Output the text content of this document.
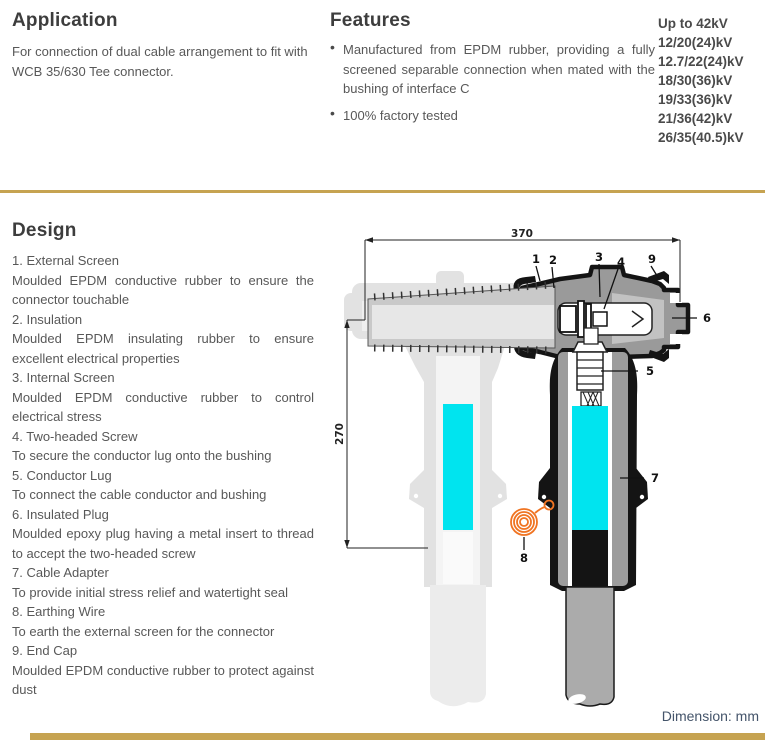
Application
For connection of dual cable arrangement to fit with WCB 35/630 Tee connector.
Features
• Manufactured from EPDM rubber, providing a fully screened separable connection when mated with the bushing of interface C
• 100% factory tested
Up to 42kV
12/20(24)kV
12.7/22(24)kV
18/30(36)kV
19/33(36)kV
21/36(42)kV
26/35(40.5)kV
Design
1. External Screen
Moulded EPDM conductive rubber to ensure the connector touchable
2. Insulation
Moulded EPDM insulating rubber to ensure excellent electrical properties
3. Internal Screen
Moulded EPDM conductive rubber to control electrical stress
4. Two-headed Screw
To secure the conductor lug onto the bushing
5. Conductor Lug
To connect the cable conductor and bushing
6. Insulated Plug
Moulded epoxy plug having a metal insert to thread to accept the two-headed screw
7. Cable Adapter
To provide initial stress relief and watertight seal
8. Earthing Wire
To earth the external screen for the connector
9. End Cap
Moulded EPDM conductive rubber to protect against dust
370
270
1 2	3 4
5
6
7
8
9
Dimension: mm
